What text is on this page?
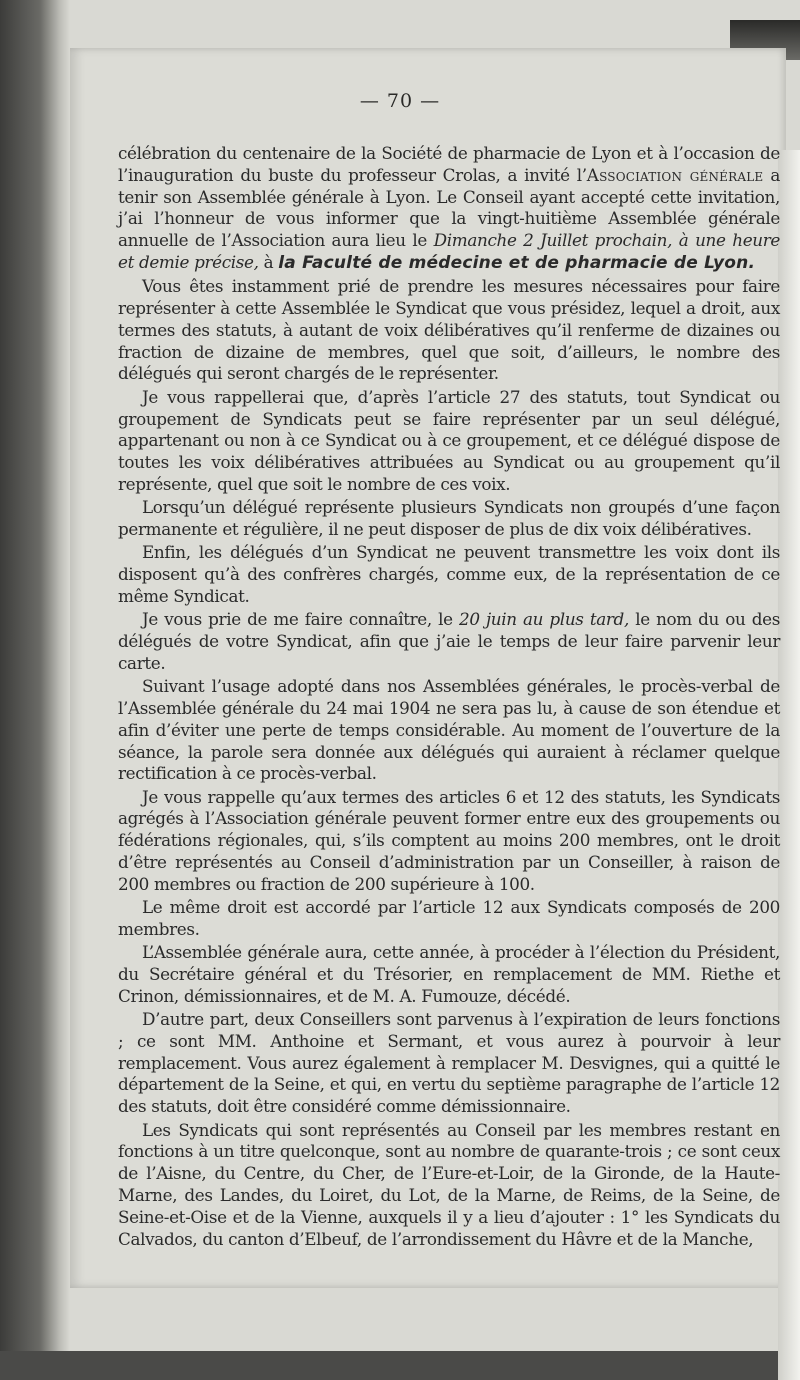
— 70 —

célébration du centenaire de la Société de pharmacie de Lyon et à l’occasion de l’inauguration du buste du professeur Crolas, a invité l’Association générale a tenir son Assemblée générale à Lyon. Le Conseil ayant accepté cette invitation, j’ai l’honneur de vous informer que la vingt-huitième Assemblée générale annuelle de l’Association aura lieu le Dimanche 2 Juillet prochain, à une heure et demie précise, à la Faculté de médecine et de pharmacie de Lyon.

Vous êtes instamment prié de prendre les mesures nécessaires pour faire représenter à cette Assemblée le Syndicat que vous présidez, lequel a droit, aux termes des statuts, à autant de voix délibératives qu’il renferme de dizaines ou fraction de dizaine de membres, quel que soit, d’ailleurs, le nombre des délégués qui seront chargés de le représenter.

Je vous rappellerai que, d’après l’article 27 des statuts, tout Syndicat ou groupement de Syndicats peut se faire représenter par un seul délégué, appartenant ou non à ce Syndicat ou à ce groupement, et ce délégué dispose de toutes les voix délibératives attribuées au Syndicat ou au groupement qu’il représente, quel que soit le nombre de ces voix.

Lorsqu’un délégué représente plusieurs Syndicats non groupés d’une façon permanente et régulière, il ne peut disposer de plus de dix voix délibératives.

Enfin, les délégués d’un Syndicat ne peuvent transmettre les voix dont ils disposent qu’à des confrères chargés, comme eux, de la représentation de ce même Syndicat.

Je vous prie de me faire connaître, le 20 juin au plus tard, le nom du ou des délégués de votre Syndicat, afin que j’aie le temps de leur faire parvenir leur carte.

Suivant l’usage adopté dans nos Assemblées générales, le procès-verbal de l’Assemblée générale du 24 mai 1904 ne sera pas lu, à cause de son étendue et afin d’éviter une perte de temps considérable. Au moment de l’ouverture de la séance, la parole sera donnée aux délégués qui auraient à réclamer quelque rectification à ce procès-verbal.

Je vous rappelle qu’aux termes des articles 6 et 12 des statuts, les Syndicats agrégés à l’Association générale peuvent former entre eux des groupements ou fédérations régionales, qui, s’ils comptent au moins 200 membres, ont le droit d’être représentés au Conseil d’administration par un Conseiller, à raison de 200 membres ou fraction de 200 supérieure à 100.

Le même droit est accordé par l’article 12 aux Syndicats composés de 200 membres.

L’Assemblée générale aura, cette année, à procéder à l’élection du Président, du Secrétaire général et du Trésorier, en remplacement de MM. Riethe et Crinon, démissionnaires, et de M. A. Fumouze, décédé.

D’autre part, deux Conseillers sont parvenus à l’expiration de leurs fonctions ; ce sont MM. Anthoine et Sermant, et vous aurez à pourvoir à leur remplacement. Vous aurez également à remplacer M. Desvignes, qui a quitté le département de la Seine, et qui, en vertu du septième paragraphe de l’article 12 des statuts, doit être considéré comme démissionnaire.

Les Syndicats qui sont représentés au Conseil par les membres restant en fonctions à un titre quelconque, sont au nombre de quarante-trois ; ce sont ceux de l’Aisne, du Centre, du Cher, de l’Eure-et-Loir, de la Gironde, de la Haute-Marne, des Landes, du Loiret, du Lot, de la Marne, de Reims, de la Seine, de Seine-et-Oise et de la Vienne, auxquels il y a lieu d’ajouter : 1° les Syndicats du Calvados, du canton d’Elbeuf, de l’arrondissement du Hâvre et de la Manche,
